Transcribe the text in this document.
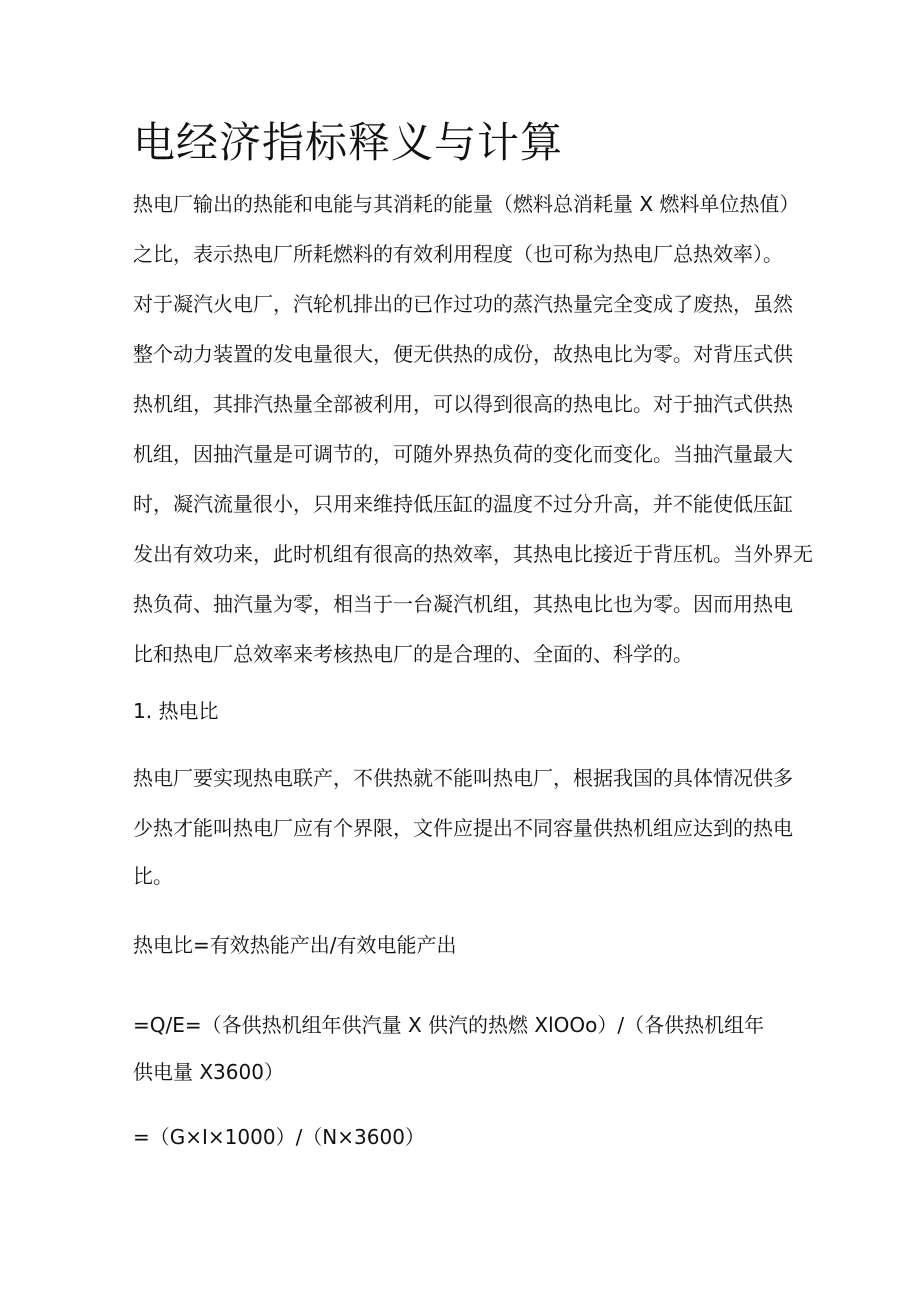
电经济指标释义与计算
热电厂输出的热能和电能与其消耗的能量（燃料总消耗量 X 燃料单位热值）
之比，表示热电厂所耗燃料的有效利用程度（也可称为热电厂总热效率）。
对于凝汽火电厂，汽轮机排出的已作过功的蒸汽热量完全变成了废热，虽然
整个动力装置的发电量很大，便无供热的成份，故热电比为零。对背压式供
热机组，其排汽热量全部被利用，可以得到很高的热电比。对于抽汽式供热
机组，因抽汽量是可调节的，可随外界热负荷的变化而变化。当抽汽量最大
时，凝汽流量很小，只用来维持低压缸的温度不过分升高，并不能使低压缸
发出有效功来，此时机组有很高的热效率，其热电比接近于背压机。当外界无
热负荷、抽汽量为零，相当于一台凝汽机组，其热电比也为零。因而用热电
比和热电厂总效率来考核热电厂的是合理的、全面的、科学的。
1. 热电比
热电厂要实现热电联产，不供热就不能叫热电厂，根据我国的具体情况供多
少热才能叫热电厂应有个界限，文件应提出不同容量供热机组应达到的热电
比。
热电比=有效热能产出/有效电能产出
=Q/E=（各供热机组年供汽量 X 供汽的热燃 XlOOo）/（各供热机组年
供电量 X3600）
=（G×I×1000）/（N×3600）
